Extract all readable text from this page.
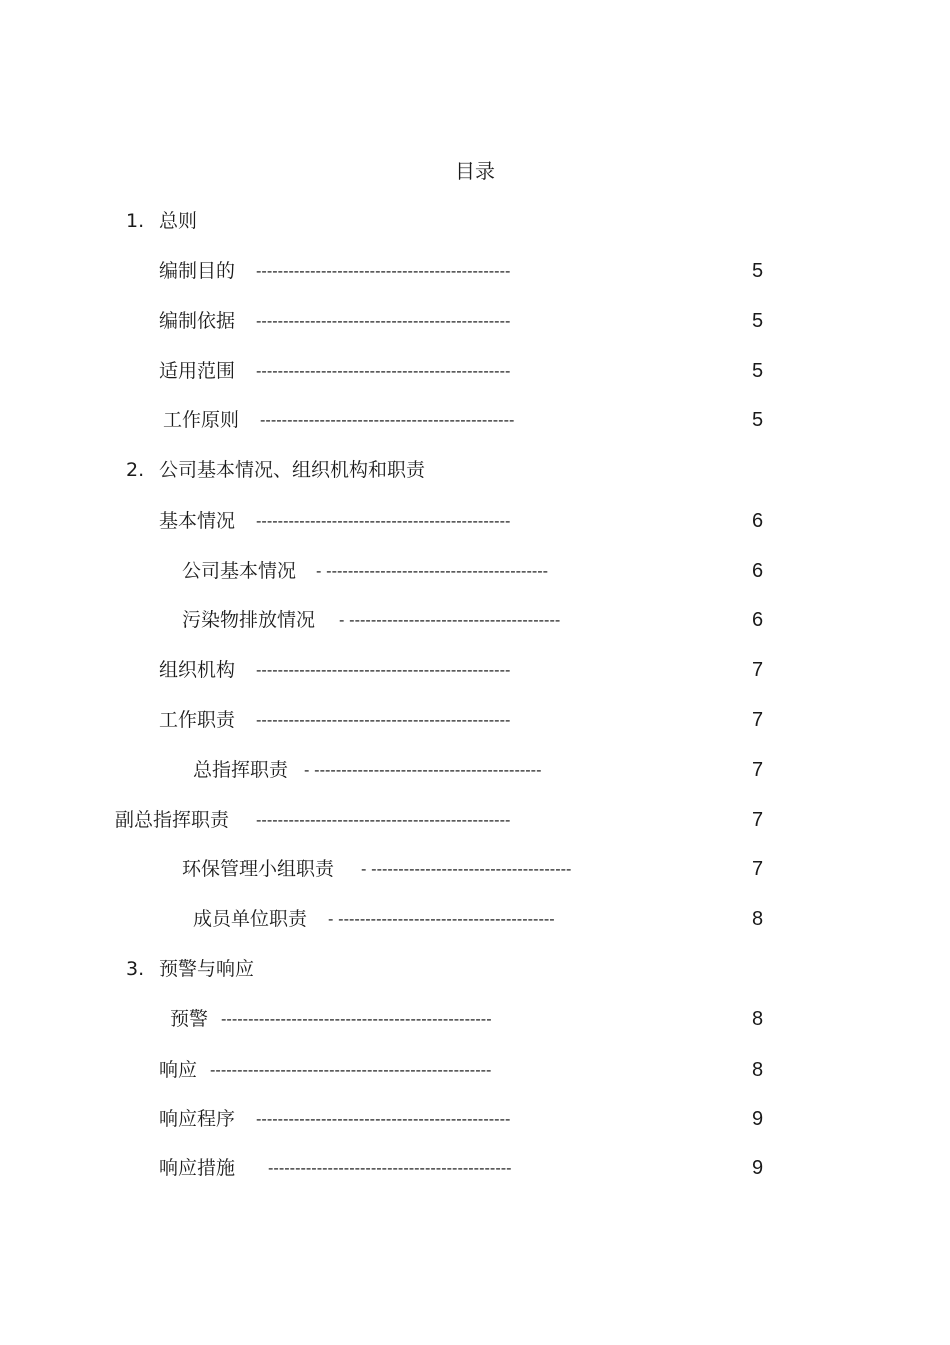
目录
1. 总则
编制目的 -----------------------------------------------	5
编制依据 -----------------------------------------------	5
适用范围 -----------------------------------------------	5
工作原则 -----------------------------------------------	5
2. 公司基本情况、组织机构和职责
基本情况 -----------------------------------------------	6
公司基本情况 - -----------------------------------------	6
污染物排放情况 - ---------------------------------------	6
组织机构 -----------------------------------------------	7
工作职责 -----------------------------------------------	7
总指挥职责 - ------------------------------------------	7
副总指挥职责 -----------------------------------------------	7
环保管理小组职责 - -------------------------------------	7
成员单位职责 - ----------------------------------------	8
3. 预警与响应
预警 --------------------------------------------------	8
响应 ----------------------------------------------------	8
响应程序 -----------------------------------------------	9
响应措施 ---------------------------------------------	9
